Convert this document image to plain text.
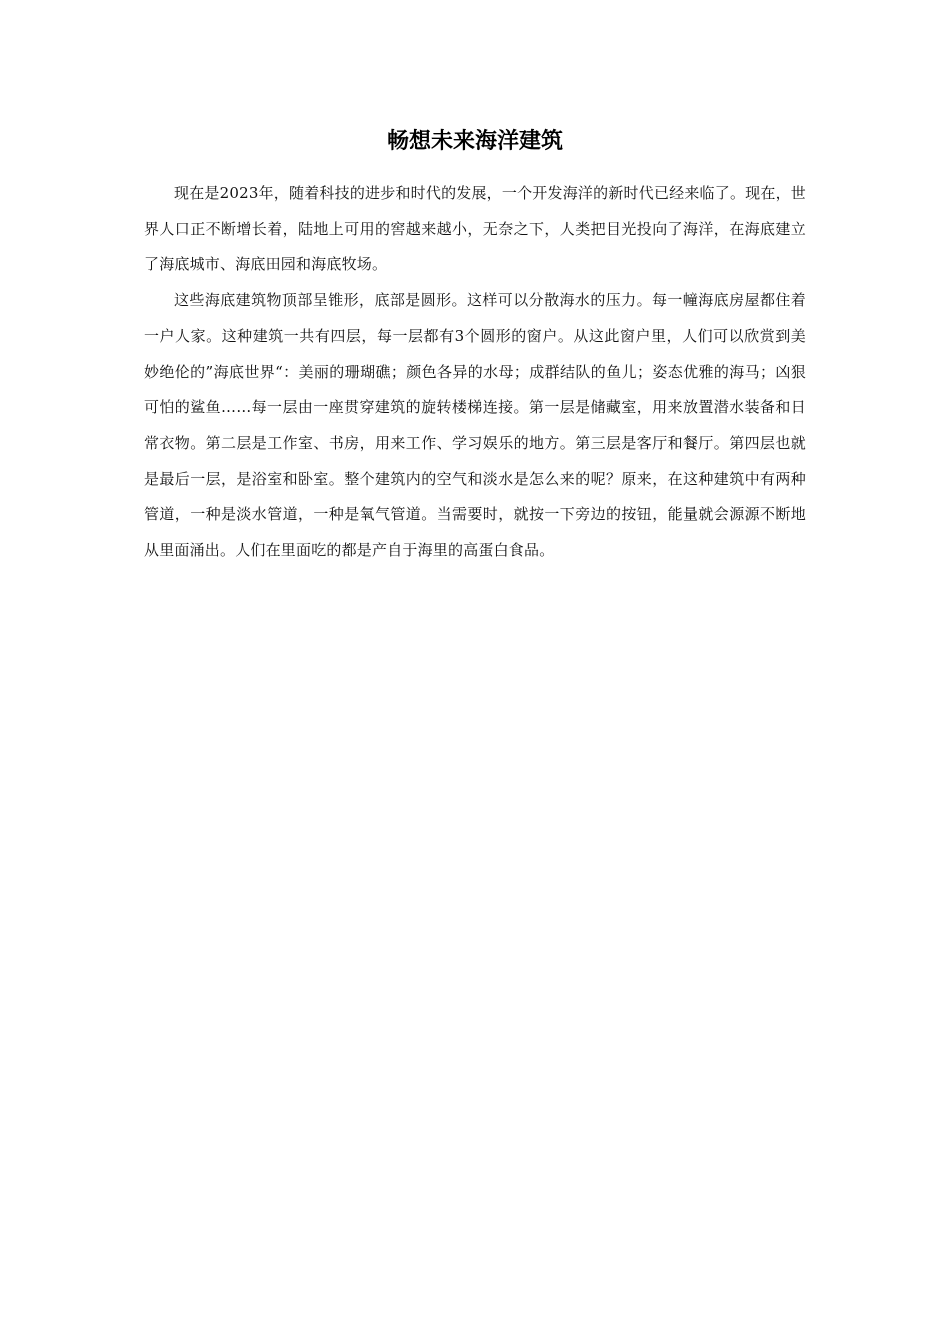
畅想未来海洋建筑

现在是2023年，随着科技的进步和时代的发展，一个开发海洋的新时代已经来临了。现在，世界人口正不断增长着，陆地上可用的窖越来越小，无奈之下，人类把目光投向了海洋，在海底建立了海底城市、海底田园和海底牧场。

这些海底建筑物顶部呈锥形，底部是圆形。这样可以分散海水的压力。每一幢海底房屋都住着一户人家。这种建筑一共有四层，每一层都有3个圆形的窗户。从这此窗户里，人们可以欣赏到美妙绝伦的”海底世界“：美丽的珊瑚礁；颜色各异的水母；成群结队的鱼儿；姿态优雅的海马；凶狠可怕的鲨鱼……每一层由一座贯穿建筑的旋转楼梯连接。第一层是储藏室，用来放置潜水装备和日常衣物。第二层是工作室、书房，用来工作、学习娱乐的地方。第三层是客厅和餐厅。第四层也就是最后一层，是浴室和卧室。整个建筑内的空气和淡水是怎么来的呢？原来，在这种建筑中有两种管道，一种是淡水管道，一种是氧气管道。当需要时，就按一下旁边的按钮，能量就会源源不断地从里面涌出。人们在里面吃的都是产自于海里的高蛋白食品。
